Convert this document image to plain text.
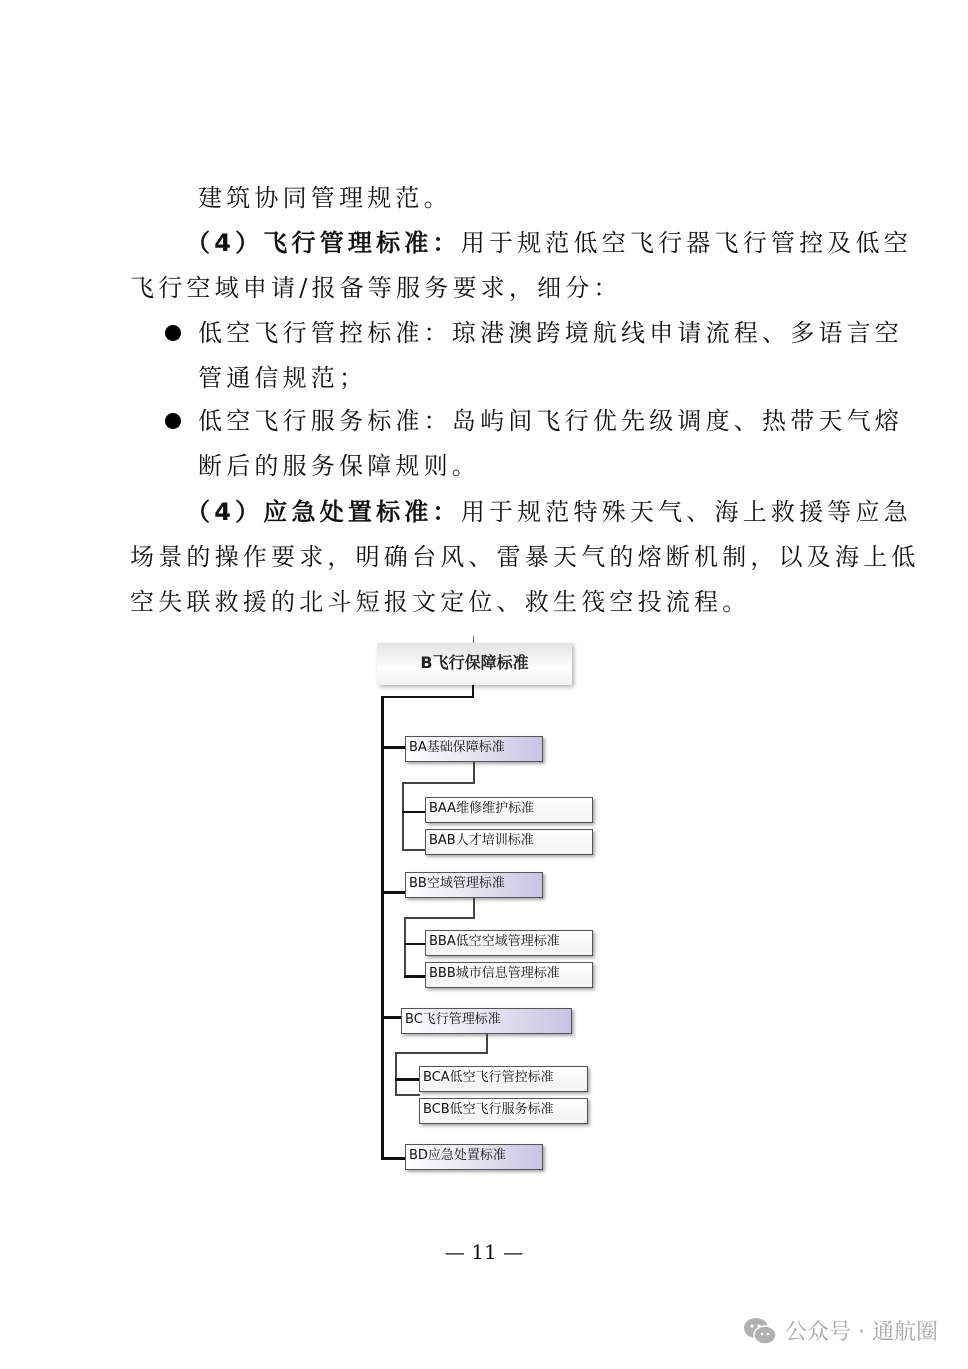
建筑协同管理规范。
（4）飞行管理标准：用于规范低空飞行器飞行管控及低空
飞行空域申请/报备等服务要求，细分：
低空飞行管控标准：琼港澳跨境航线申请流程、多语言空
管通信规范；
低空飞行服务标准：岛屿间飞行优先级调度、热带天气熔
断后的服务保障规则。
（4）应急处置标准：用于规范特殊天气、海上救援等应急
场景的操作要求，明确台风、雷暴天气的熔断机制，以及海上低
空失联救援的北斗短报文定位、救生筏空投流程。
B飞行保障标准
BA基础保障标准
BAA维修维护标准
BAB人才培训标准
BB空域管理标准
BBA低空空域管理标准
BBB城市信息管理标准
BC飞行管理标准
BCA低空飞行管控标准
BCB低空飞行服务标准
BD应急处置标准
— 11 —
公众号 · 通航圈
